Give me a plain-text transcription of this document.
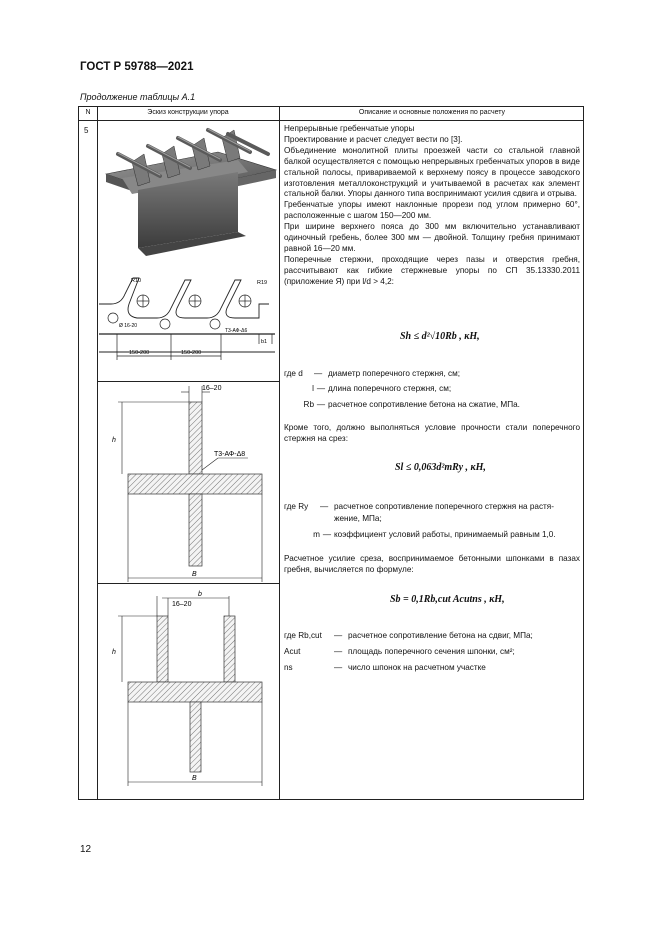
ГОСТ Р 59788—2021
Продолжение таблицы А.1
N	Эскиз конструкции упора	Описание и основные положения по расчету
5
R10	R19
Ø 16-20
Т3-АФ-Δ6
150-200	150-200
b1
16–20
h
Т3-АФ-Δ8
B
16–20
b
h
B

Непрерывные гребенчатые упоры

Проектирование и расчет следует вести по [3].

Объединение монолитной плиты проезжей части со стальной главной балкой осуществляется с помощью непрерывных гребенчатых упоров в виде стальной полосы, привариваемой к верхнему поясу в процессе заводского изготовления металлоконструкций и учитываемой в расчетах как элемент стальной балки. Упоры данного типа воспринимают усилия сдвига и отрыва.

Гребенчатые упоры имеют наклонные прорези под углом примерно 60°, расположенные с шагом 150—200 мм.

При ширине верхнего пояса до 300 мм включительно устанавливают одиночный гребень, более 300 мм — двойной. Толщину гребня принимают равной 16—20 мм.

Поперечные стержни, проходящие через пазы и отверстия гребня, рассчитывают как гибкие стержневые упоры по СП 35.13330.2011 (приложение Я) при l/d > 4,2:

Sh ≤ d²√10Rb , кН,
где d — диаметр поперечного стержня, см;
l — длина поперечного стержня, см;
Rb — расчетное сопротивление бетона на сжатие, МПа.

Кроме того, должно выполняться условие прочности стали поперечного стержня на срез:

Sl ≤ 0,063d²mRy , кН,
где Ry — расчетное сопротивление поперечного стержня на растя-
жение, МПа;
m — коэффициент условий работы, принимаемый равным 1,0.

Расчетное усилие среза, воспринимаемое бетонными шпонками в пазах гребня, вычисляется по формуле:

Sb = 0,1Rb,cut Acutns , кН,
где Rb,cut — расчетное сопротивление бетона на сдвиг, МПа;
Acut	— площадь поперечного сечения шпонки, см²;
ns	— число шпонок на расчетном участке
12
